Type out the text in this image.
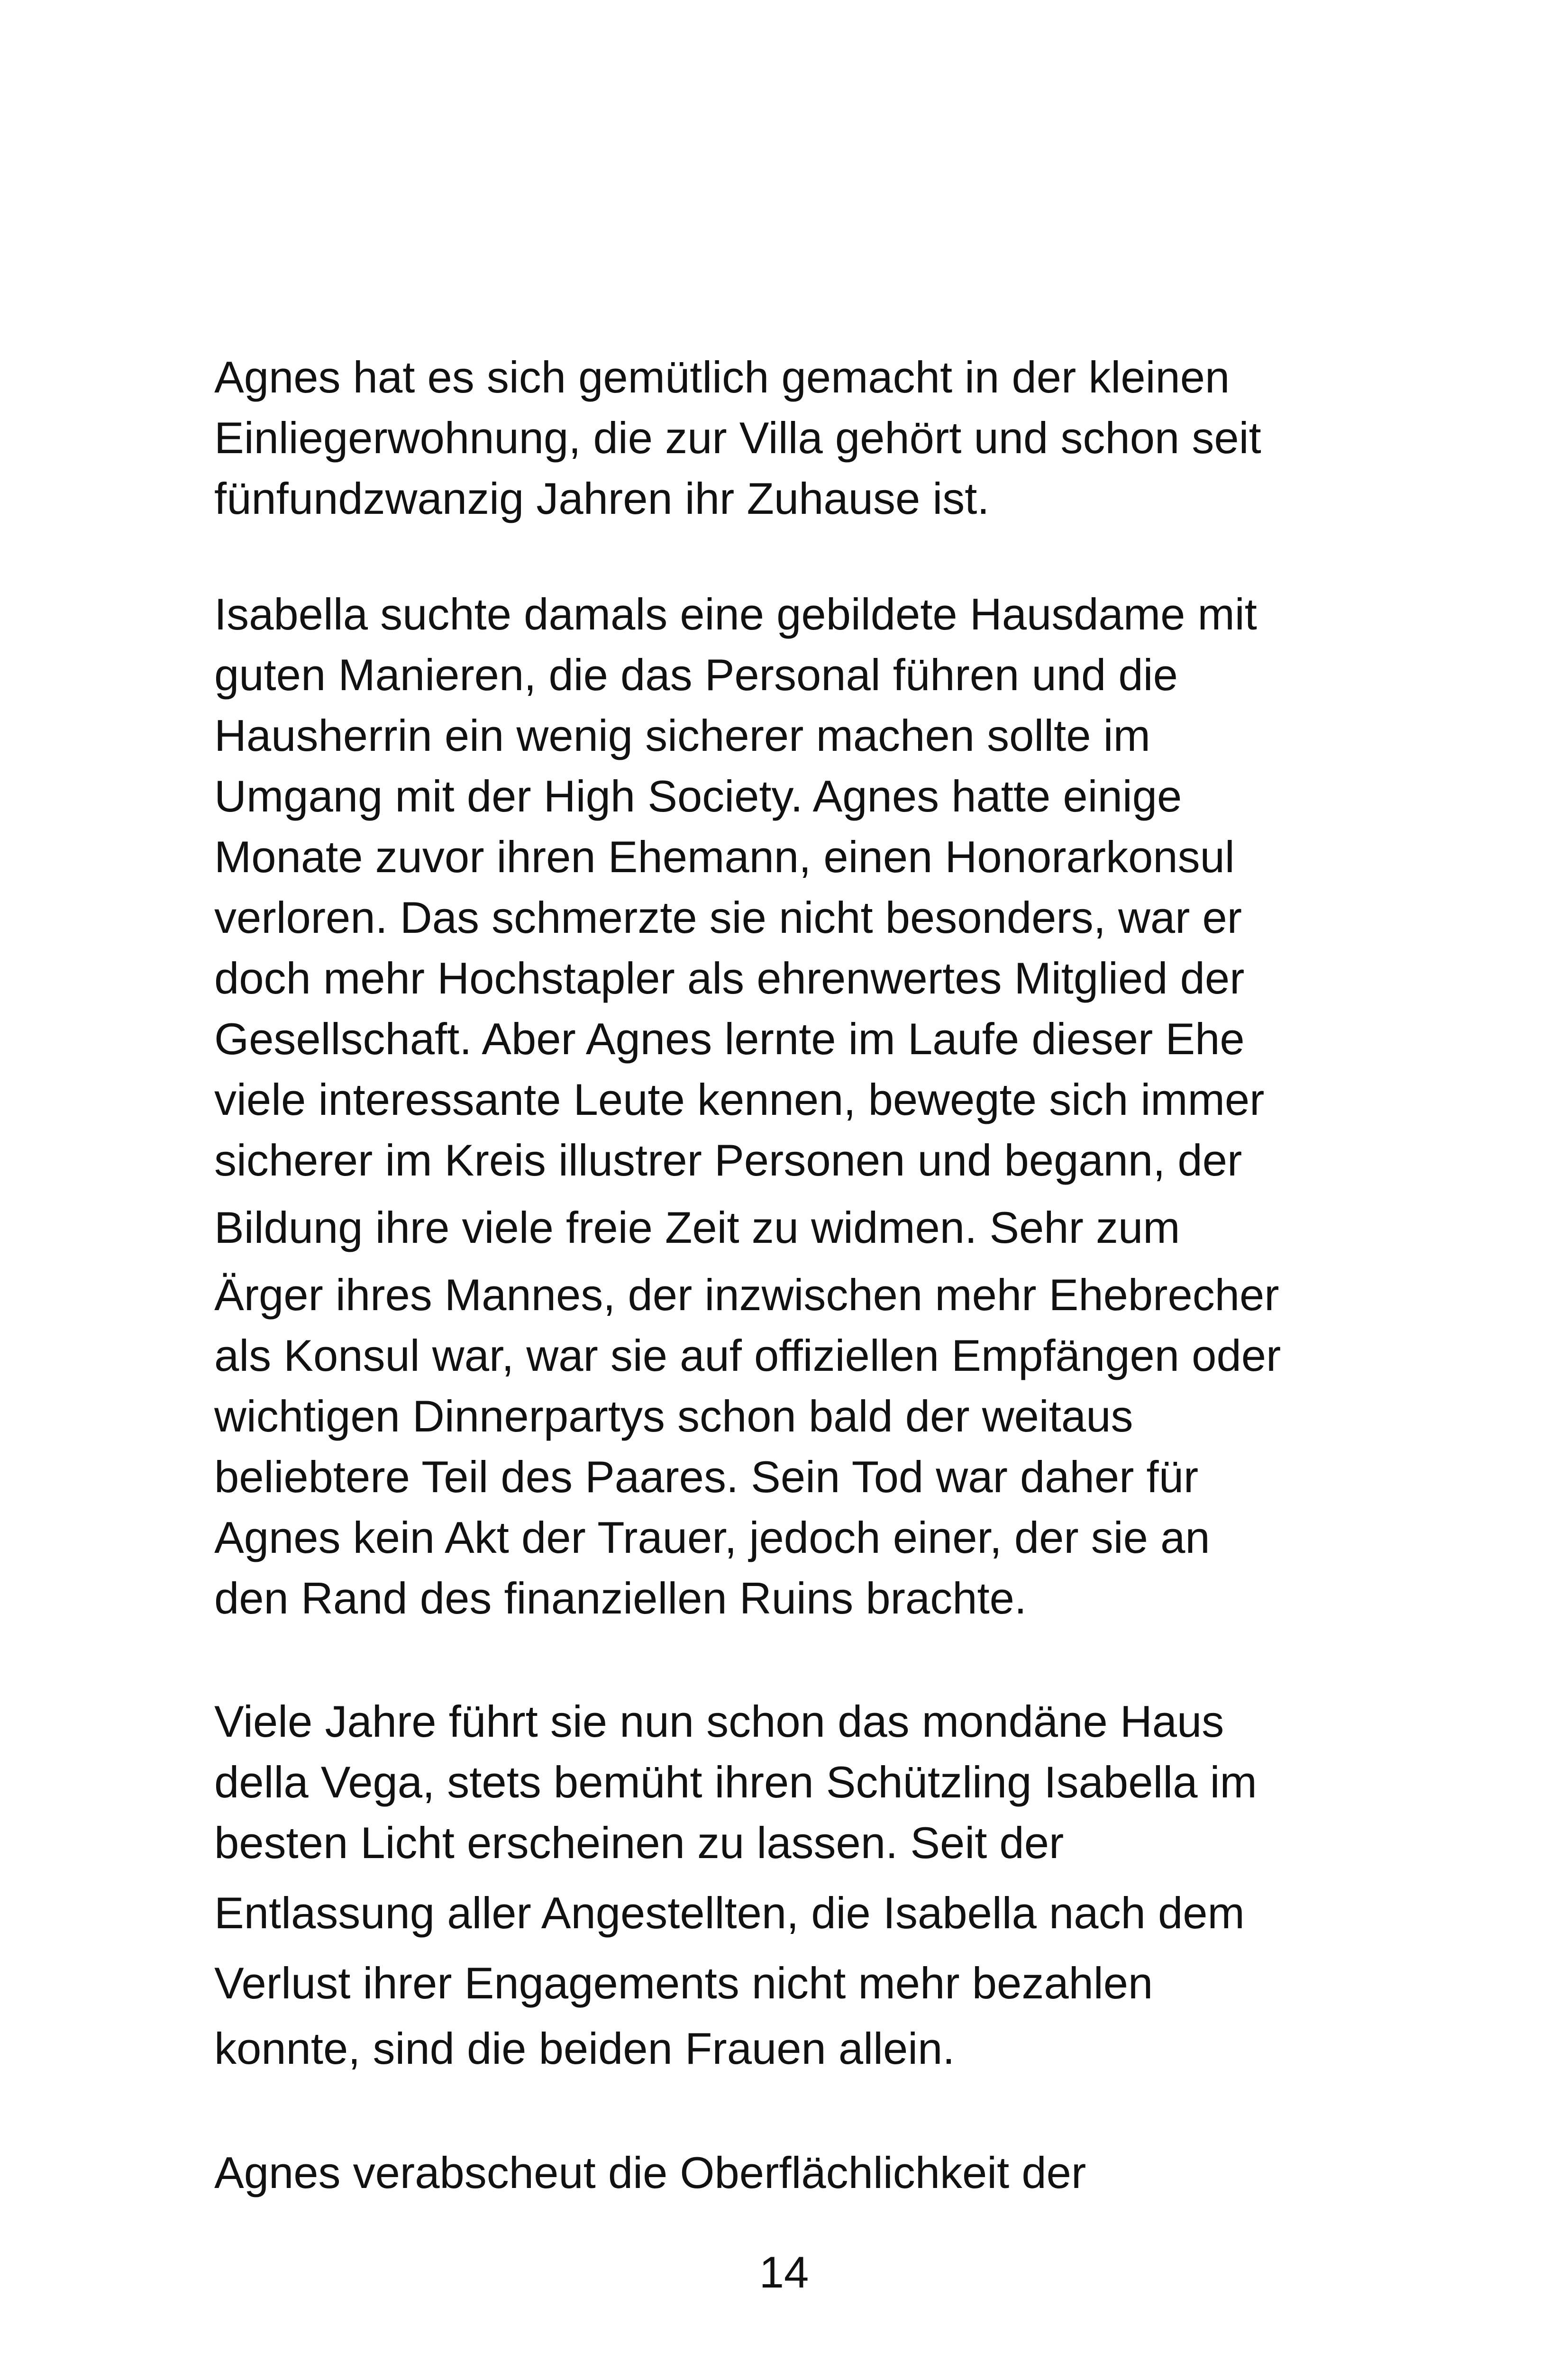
Agnes hat es sich gemütlich gemacht in der kleinen

Einliegerwohnung, die zur Villa gehört und schon seit

fünfundzwanzig Jahren ihr Zuhause ist.

Isabella suchte damals eine gebildete Hausdame mit

guten Manieren, die das Personal führen und die

Hausherrin ein wenig sicherer machen sollte im

Umgang mit der High Society. Agnes hatte einige

Monate zuvor ihren Ehemann, einen Honorarkonsul

verloren. Das schmerzte sie nicht besonders, war er

doch mehr Hochstapler als ehrenwertes Mitglied der

Gesellschaft. Aber Agnes lernte im Laufe dieser Ehe

viele interessante Leute kennen, bewegte sich immer

sicherer im Kreis illustrer Personen und begann, der

Bildung ihre viele freie Zeit zu widmen. Sehr zum

Ärger ihres Mannes, der inzwischen mehr Ehebrecher

als Konsul war, war sie auf offiziellen Empfängen oder

wichtigen Dinnerpartys schon bald der weitaus

beliebtere Teil des Paares. Sein Tod war daher für

Agnes kein Akt der Trauer, jedoch einer, der sie an

den Rand des finanziellen Ruins brachte.

Viele Jahre führt sie nun schon das mondäne Haus

della Vega, stets bemüht ihren Schützling Isabella im

besten Licht erscheinen zu lassen. Seit der

Entlassung aller Angestellten, die Isabella nach dem

Verlust ihrer Engagements nicht mehr bezahlen

konnte, sind die beiden Frauen allein.

Agnes verabscheut die Oberflächlichkeit der

14
